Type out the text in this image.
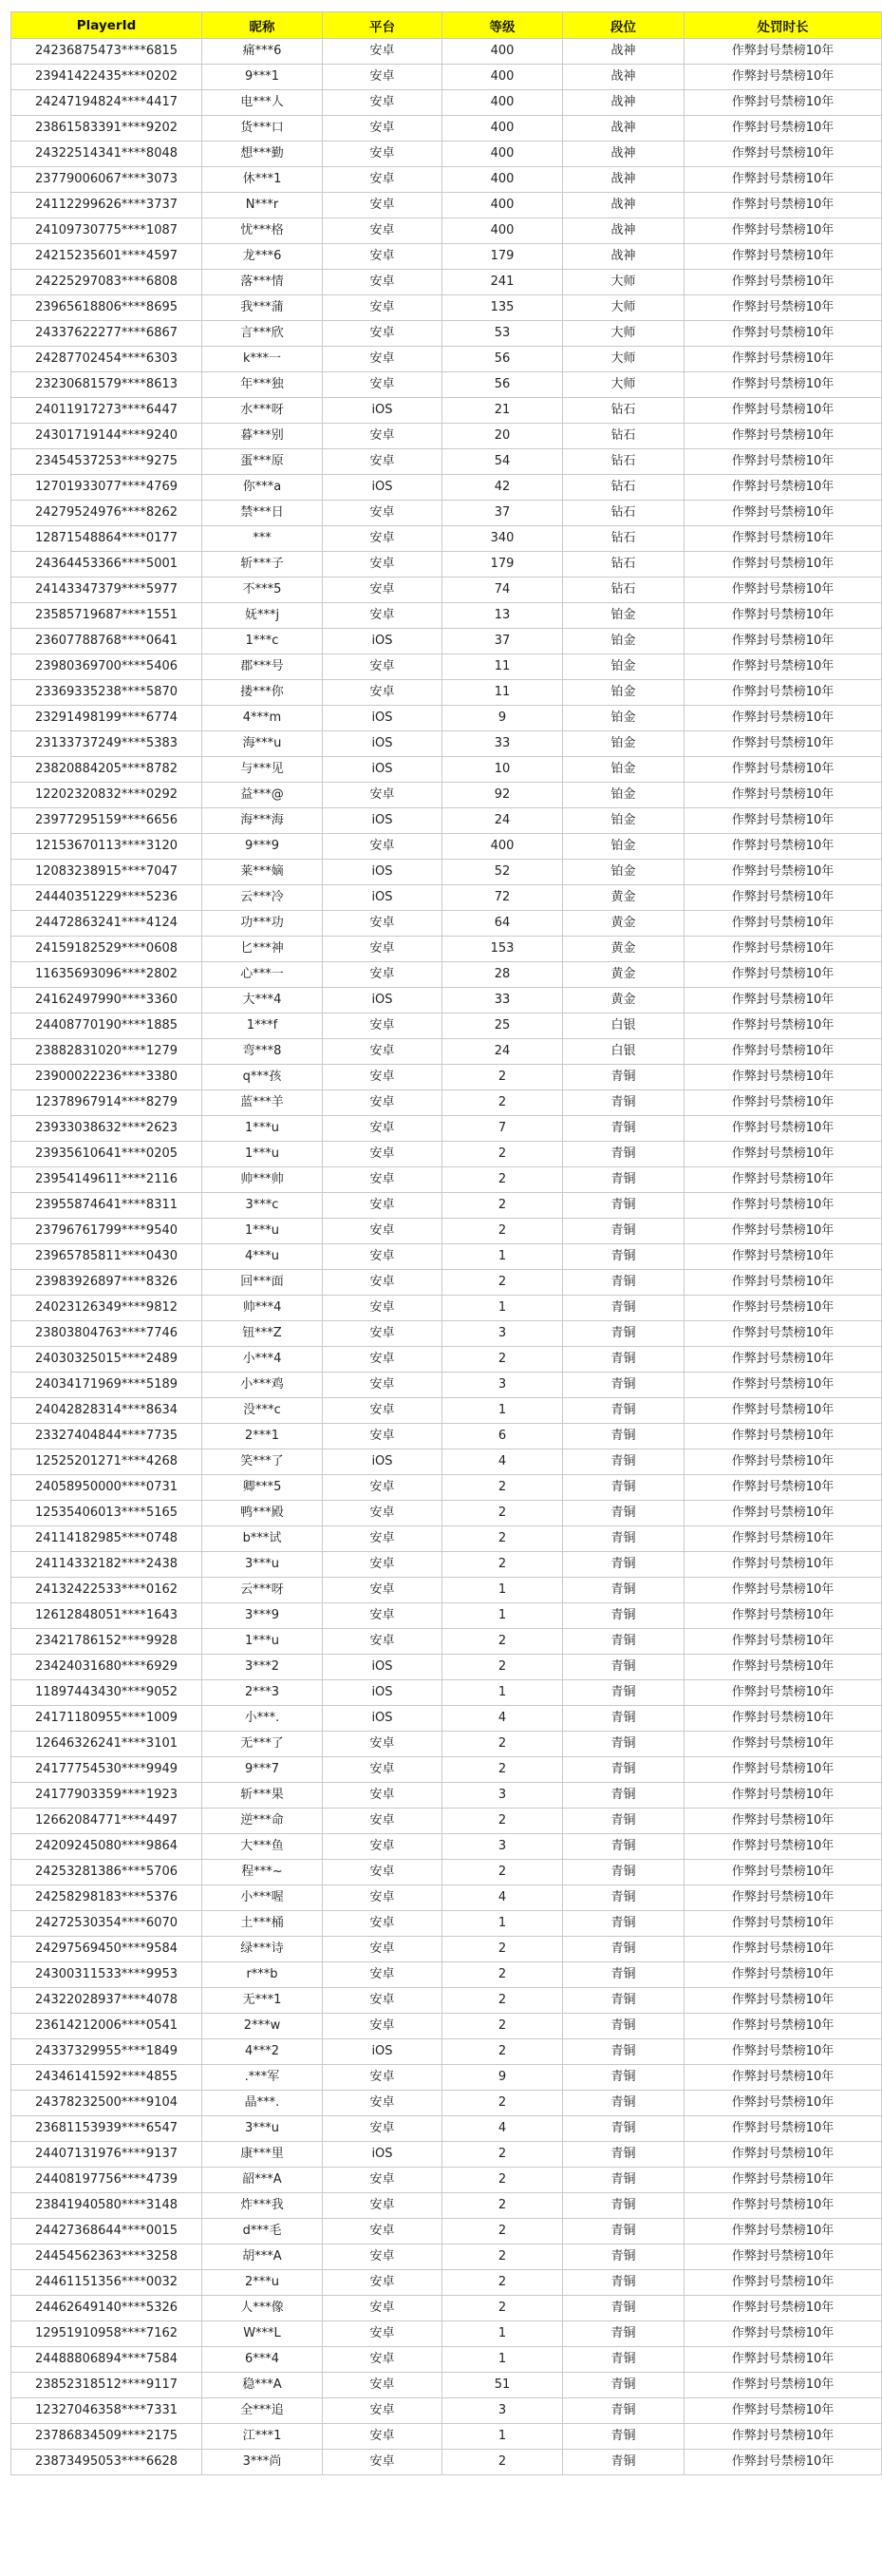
PlayerId	昵称	平台	等级	段位	处罚时长
24236875473****6815	痛***6	安卓	400	战神	作弊封号禁榜10年
23941422435****0202	9***1	安卓	400	战神	作弊封号禁榜10年
24247194824****4417	电***人	安卓	400	战神	作弊封号禁榜10年
23861583391****9202	货***口	安卓	400	战神	作弊封号禁榜10年
24322514341****8048	想***勤	安卓	400	战神	作弊封号禁榜10年
23779006067****3073	休***1	安卓	400	战神	作弊封号禁榜10年
24112299626****3737	N***r	安卓	400	战神	作弊封号禁榜10年
24109730775****1087	忧***格	安卓	400	战神	作弊封号禁榜10年
24215235601****4597	龙***6	安卓	179	战神	作弊封号禁榜10年
24225297083****6808	落***情	安卓	241	大师	作弊封号禁榜10年
23965618806****8695	我***蒲	安卓	135	大师	作弊封号禁榜10年
24337622277****6867	言***欣	安卓	53	大师	作弊封号禁榜10年
24287702454****6303	k***一	安卓	56	大师	作弊封号禁榜10年
23230681579****8613	年***独	安卓	56	大师	作弊封号禁榜10年
24011917273****6447	水***呀	iOS	21	钻石	作弊封号禁榜10年
24301719144****9240	暮***别	安卓	20	钻石	作弊封号禁榜10年
23454537253****9275	蛋***原	安卓	54	钻石	作弊封号禁榜10年
12701933077****4769	你***a	iOS	42	钻石	作弊封号禁榜10年
24279524976****8262	禁***日	安卓	37	钻石	作弊封号禁榜10年
12871548864****0177	***	安卓	340	钻石	作弊封号禁榜10年
24364453366****5001	斩***子	安卓	179	钻石	作弊封号禁榜10年
24143347379****5977	不***5	安卓	74	钻石	作弊封号禁榜10年
23585719687****1551	妩***j	安卓	13	铂金	作弊封号禁榜10年
23607788768****0641	1***c	iOS	37	铂金	作弊封号禁榜10年
23980369700****5406	郡***号	安卓	11	铂金	作弊封号禁榜10年
23369335238****5870	搂***你	安卓	11	铂金	作弊封号禁榜10年
23291498199****6774	4***m	iOS	9	铂金	作弊封号禁榜10年
23133737249****5383	海***u	iOS	33	铂金	作弊封号禁榜10年
23820884205****8782	与***见	iOS	10	铂金	作弊封号禁榜10年
12202320832****0292	益***@	安卓	92	铂金	作弊封号禁榜10年
23977295159****6656	海***海	iOS	24	铂金	作弊封号禁榜10年
12153670113****3120	9***9	安卓	400	铂金	作弊封号禁榜10年
12083238915****7047	莱***嫡	iOS	52	铂金	作弊封号禁榜10年
24440351229****5236	云***冷	iOS	72	黄金	作弊封号禁榜10年
24472863241****4124	功***功	安卓	64	黄金	作弊封号禁榜10年
24159182529****0608	匕***神	安卓	153	黄金	作弊封号禁榜10年
11635693096****2802	心***一	安卓	28	黄金	作弊封号禁榜10年
24162497990****3360	大***4	iOS	33	黄金	作弊封号禁榜10年
24408770190****1885	1***f	安卓	25	白银	作弊封号禁榜10年
23882831020****1279	弯***8	安卓	24	白银	作弊封号禁榜10年
23900022236****3380	q***孩	安卓	2	青铜	作弊封号禁榜10年
12378967914****8279	蓝***羊	安卓	2	青铜	作弊封号禁榜10年
23933038632****2623	1***u	安卓	7	青铜	作弊封号禁榜10年
23935610641****0205	1***u	安卓	2	青铜	作弊封号禁榜10年
23954149611****2116	帅***帅	安卓	2	青铜	作弊封号禁榜10年
23955874641****8311	3***c	安卓	2	青铜	作弊封号禁榜10年
23796761799****9540	1***u	安卓	2	青铜	作弊封号禁榜10年
23965785811****0430	4***u	安卓	1	青铜	作弊封号禁榜10年
23983926897****8326	回***面	安卓	2	青铜	作弊封号禁榜10年
24023126349****9812	帅***4	安卓	1	青铜	作弊封号禁榜10年
23803804763****7746	钮***Z	安卓	3	青铜	作弊封号禁榜10年
24030325015****2489	小***4	安卓	2	青铜	作弊封号禁榜10年
24034171969****5189	小***鸡	安卓	3	青铜	作弊封号禁榜10年
24042828314****8634	没***c	安卓	1	青铜	作弊封号禁榜10年
23327404844****7735	2***1	安卓	6	青铜	作弊封号禁榜10年
12525201271****4268	笑***了	iOS	4	青铜	作弊封号禁榜10年
24058950000****0731	卿***5	安卓	2	青铜	作弊封号禁榜10年
12535406013****5165	鸭***殿	安卓	2	青铜	作弊封号禁榜10年
24114182985****0748	b***试	安卓	2	青铜	作弊封号禁榜10年
24114332182****2438	3***u	安卓	2	青铜	作弊封号禁榜10年
24132422533****0162	云***呀	安卓	1	青铜	作弊封号禁榜10年
12612848051****1643	3***9	安卓	1	青铜	作弊封号禁榜10年
23421786152****9928	1***u	安卓	2	青铜	作弊封号禁榜10年
23424031680****6929	3***2	iOS	2	青铜	作弊封号禁榜10年
11897443430****9052	2***3	iOS	1	青铜	作弊封号禁榜10年
24171180955****1009	小***.	iOS	4	青铜	作弊封号禁榜10年
12646326241****3101	无***了	安卓	2	青铜	作弊封号禁榜10年
24177754530****9949	9***7	安卓	2	青铜	作弊封号禁榜10年
24177903359****1923	斩***果	安卓	3	青铜	作弊封号禁榜10年
12662084771****4497	逆***命	安卓	2	青铜	作弊封号禁榜10年
24209245080****9864	大***鱼	安卓	3	青铜	作弊封号禁榜10年
24253281386****5706	程***~	安卓	2	青铜	作弊封号禁榜10年
24258298183****5376	小***喔	安卓	4	青铜	作弊封号禁榜10年
24272530354****6070	土***桶	安卓	1	青铜	作弊封号禁榜10年
24297569450****9584	绿***诗	安卓	2	青铜	作弊封号禁榜10年
24300311533****9953	r***b	安卓	2	青铜	作弊封号禁榜10年
24322028937****4078	无***1	安卓	2	青铜	作弊封号禁榜10年
23614212006****0541	2***w	安卓	2	青铜	作弊封号禁榜10年
24337329955****1849	4***2	iOS	2	青铜	作弊封号禁榜10年
24346141592****4855	.***军	安卓	9	青铜	作弊封号禁榜10年
24378232500****9104	晶***.	安卓	2	青铜	作弊封号禁榜10年
23681153939****6547	3***u	安卓	4	青铜	作弊封号禁榜10年
24407131976****9137	康***里	iOS	2	青铜	作弊封号禁榜10年
24408197756****4739	韶***A	安卓	2	青铜	作弊封号禁榜10年
23841940580****3148	炸***我	安卓	2	青铜	作弊封号禁榜10年
24427368644****0015	d***毛	安卓	2	青铜	作弊封号禁榜10年
24454562363****3258	胡***A	安卓	2	青铜	作弊封号禁榜10年
24461151356****0032	2***u	安卓	2	青铜	作弊封号禁榜10年
24462649140****5326	人***像	安卓	2	青铜	作弊封号禁榜10年
12951910958****7162	W***L	安卓	1	青铜	作弊封号禁榜10年
24488806894****7584	6***4	安卓	1	青铜	作弊封号禁榜10年
23852318512****9117	稳***A	安卓	51	青铜	作弊封号禁榜10年
12327046358****7331	全***追	安卓	3	青铜	作弊封号禁榜10年
23786834509****2175	江***1	安卓	1	青铜	作弊封号禁榜10年
23873495053****6628	3***尚	安卓	2	青铜	作弊封号禁榜10年
